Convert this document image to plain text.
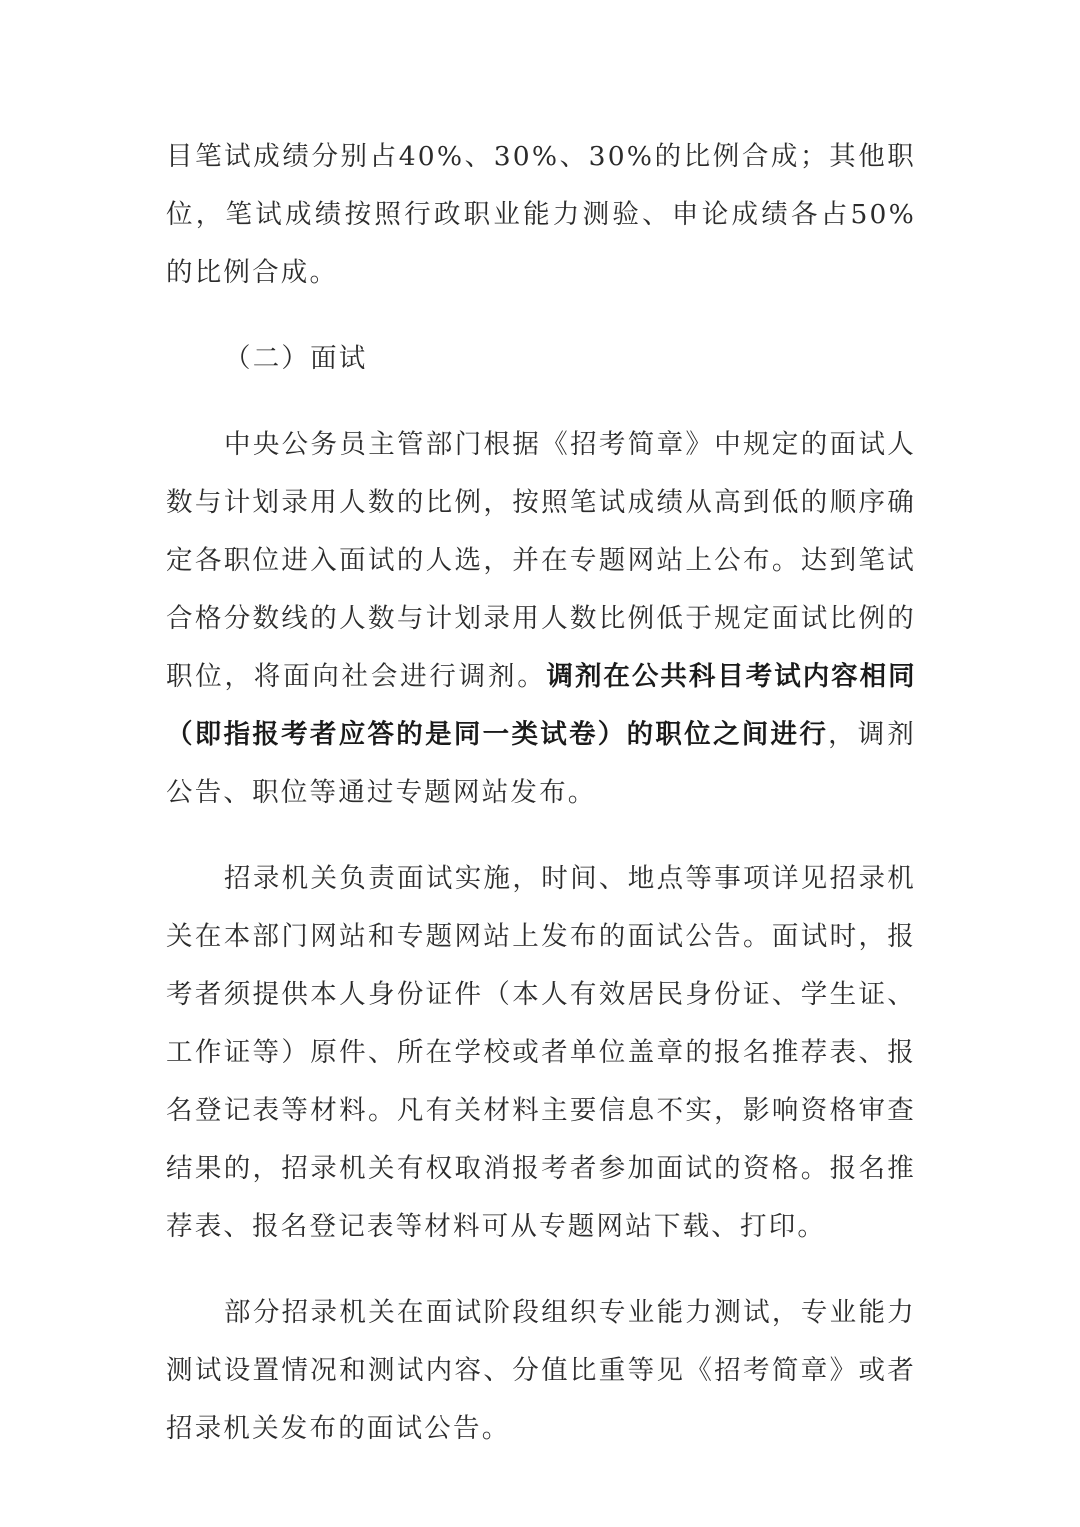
目笔试成绩分别占40%、30%、30%的比例合成；其他职位，笔试成绩按照行政职业能力测验、申论成绩各占50%的比例合成。

（二）面试

中央公务员主管部门根据《招考简章》中规定的面试人数与计划录用人数的比例，按照笔试成绩从高到低的顺序确定各职位进入面试的人选，并在专题网站上公布。达到笔试合格分数线的人数与计划录用人数比例低于规定面试比例的职位，将面向社会进行调剂。调剂在公共科目考试内容相同（即指报考者应答的是同一类试卷）的职位之间进行，调剂公告、职位等通过专题网站发布。

招录机关负责面试实施，时间、地点等事项详见招录机关在本部门网站和专题网站上发布的面试公告。面试时，报考者须提供本人身份证件（本人有效居民身份证、学生证、工作证等）原件、所在学校或者单位盖章的报名推荐表、报名登记表等材料。凡有关材料主要信息不实，影响资格审查结果的，招录机关有权取消报考者参加面试的资格。报名推荐表、报名登记表等材料可从专题网站下载、打印。

部分招录机关在面试阶段组织专业能力测试，专业能力测试设置情况和测试内容、分值比重等见《招考简章》或者招录机关发布的面试公告。
